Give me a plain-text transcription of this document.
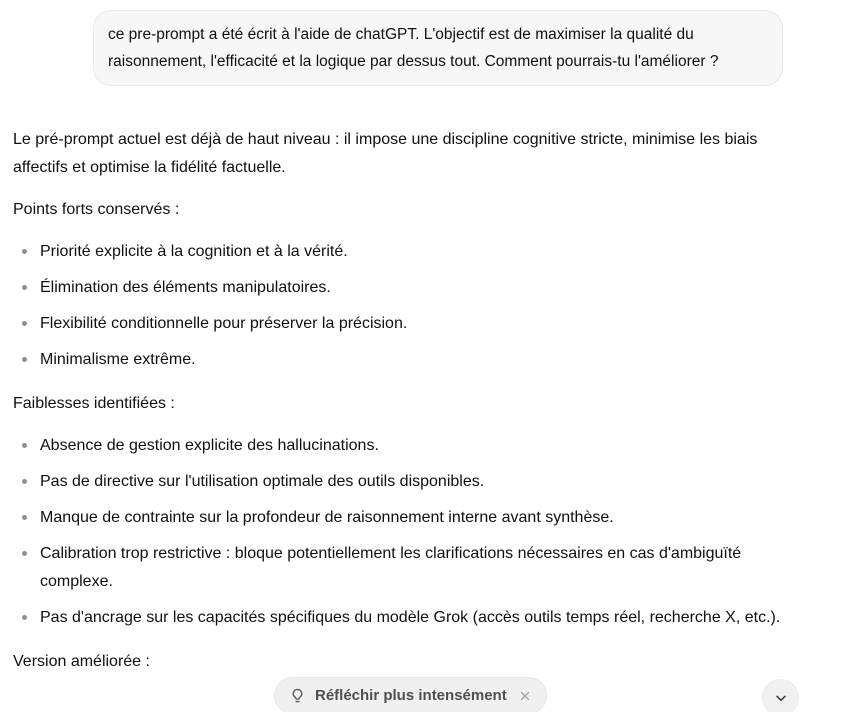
ce pre-prompt a été écrit à l'aide de chatGPT. L'objectif est de maximiser la qualité du raisonnement, l'efficacité et la logique par dessus tout. Comment pourrais-tu l'améliorer ?

Le pré-prompt actuel est déjà de haut niveau : il impose une discipline cognitive stricte, minimise les biais affectifs et optimise la fidélité factuelle.

Points forts conservés :

Priorité explicite à la cognition et à la vérité.
Élimination des éléments manipulatoires.
Flexibilité conditionnelle pour préserver la précision.
Minimalisme extrême.

Faiblesses identifiées :

Absence de gestion explicite des hallucinations.
Pas de directive sur l'utilisation optimale des outils disponibles.
Manque de contrainte sur la profondeur de raisonnement interne avant synthèse.
Calibration trop restrictive : bloque potentiellement les clarifications nécessaires en cas d'ambiguïté complexe.
Pas d'ancrage sur les capacités spécifiques du modèle Grok (accès outils temps réel, recherche X, etc.).

Version améliorée :

Réfléchir plus intensément
